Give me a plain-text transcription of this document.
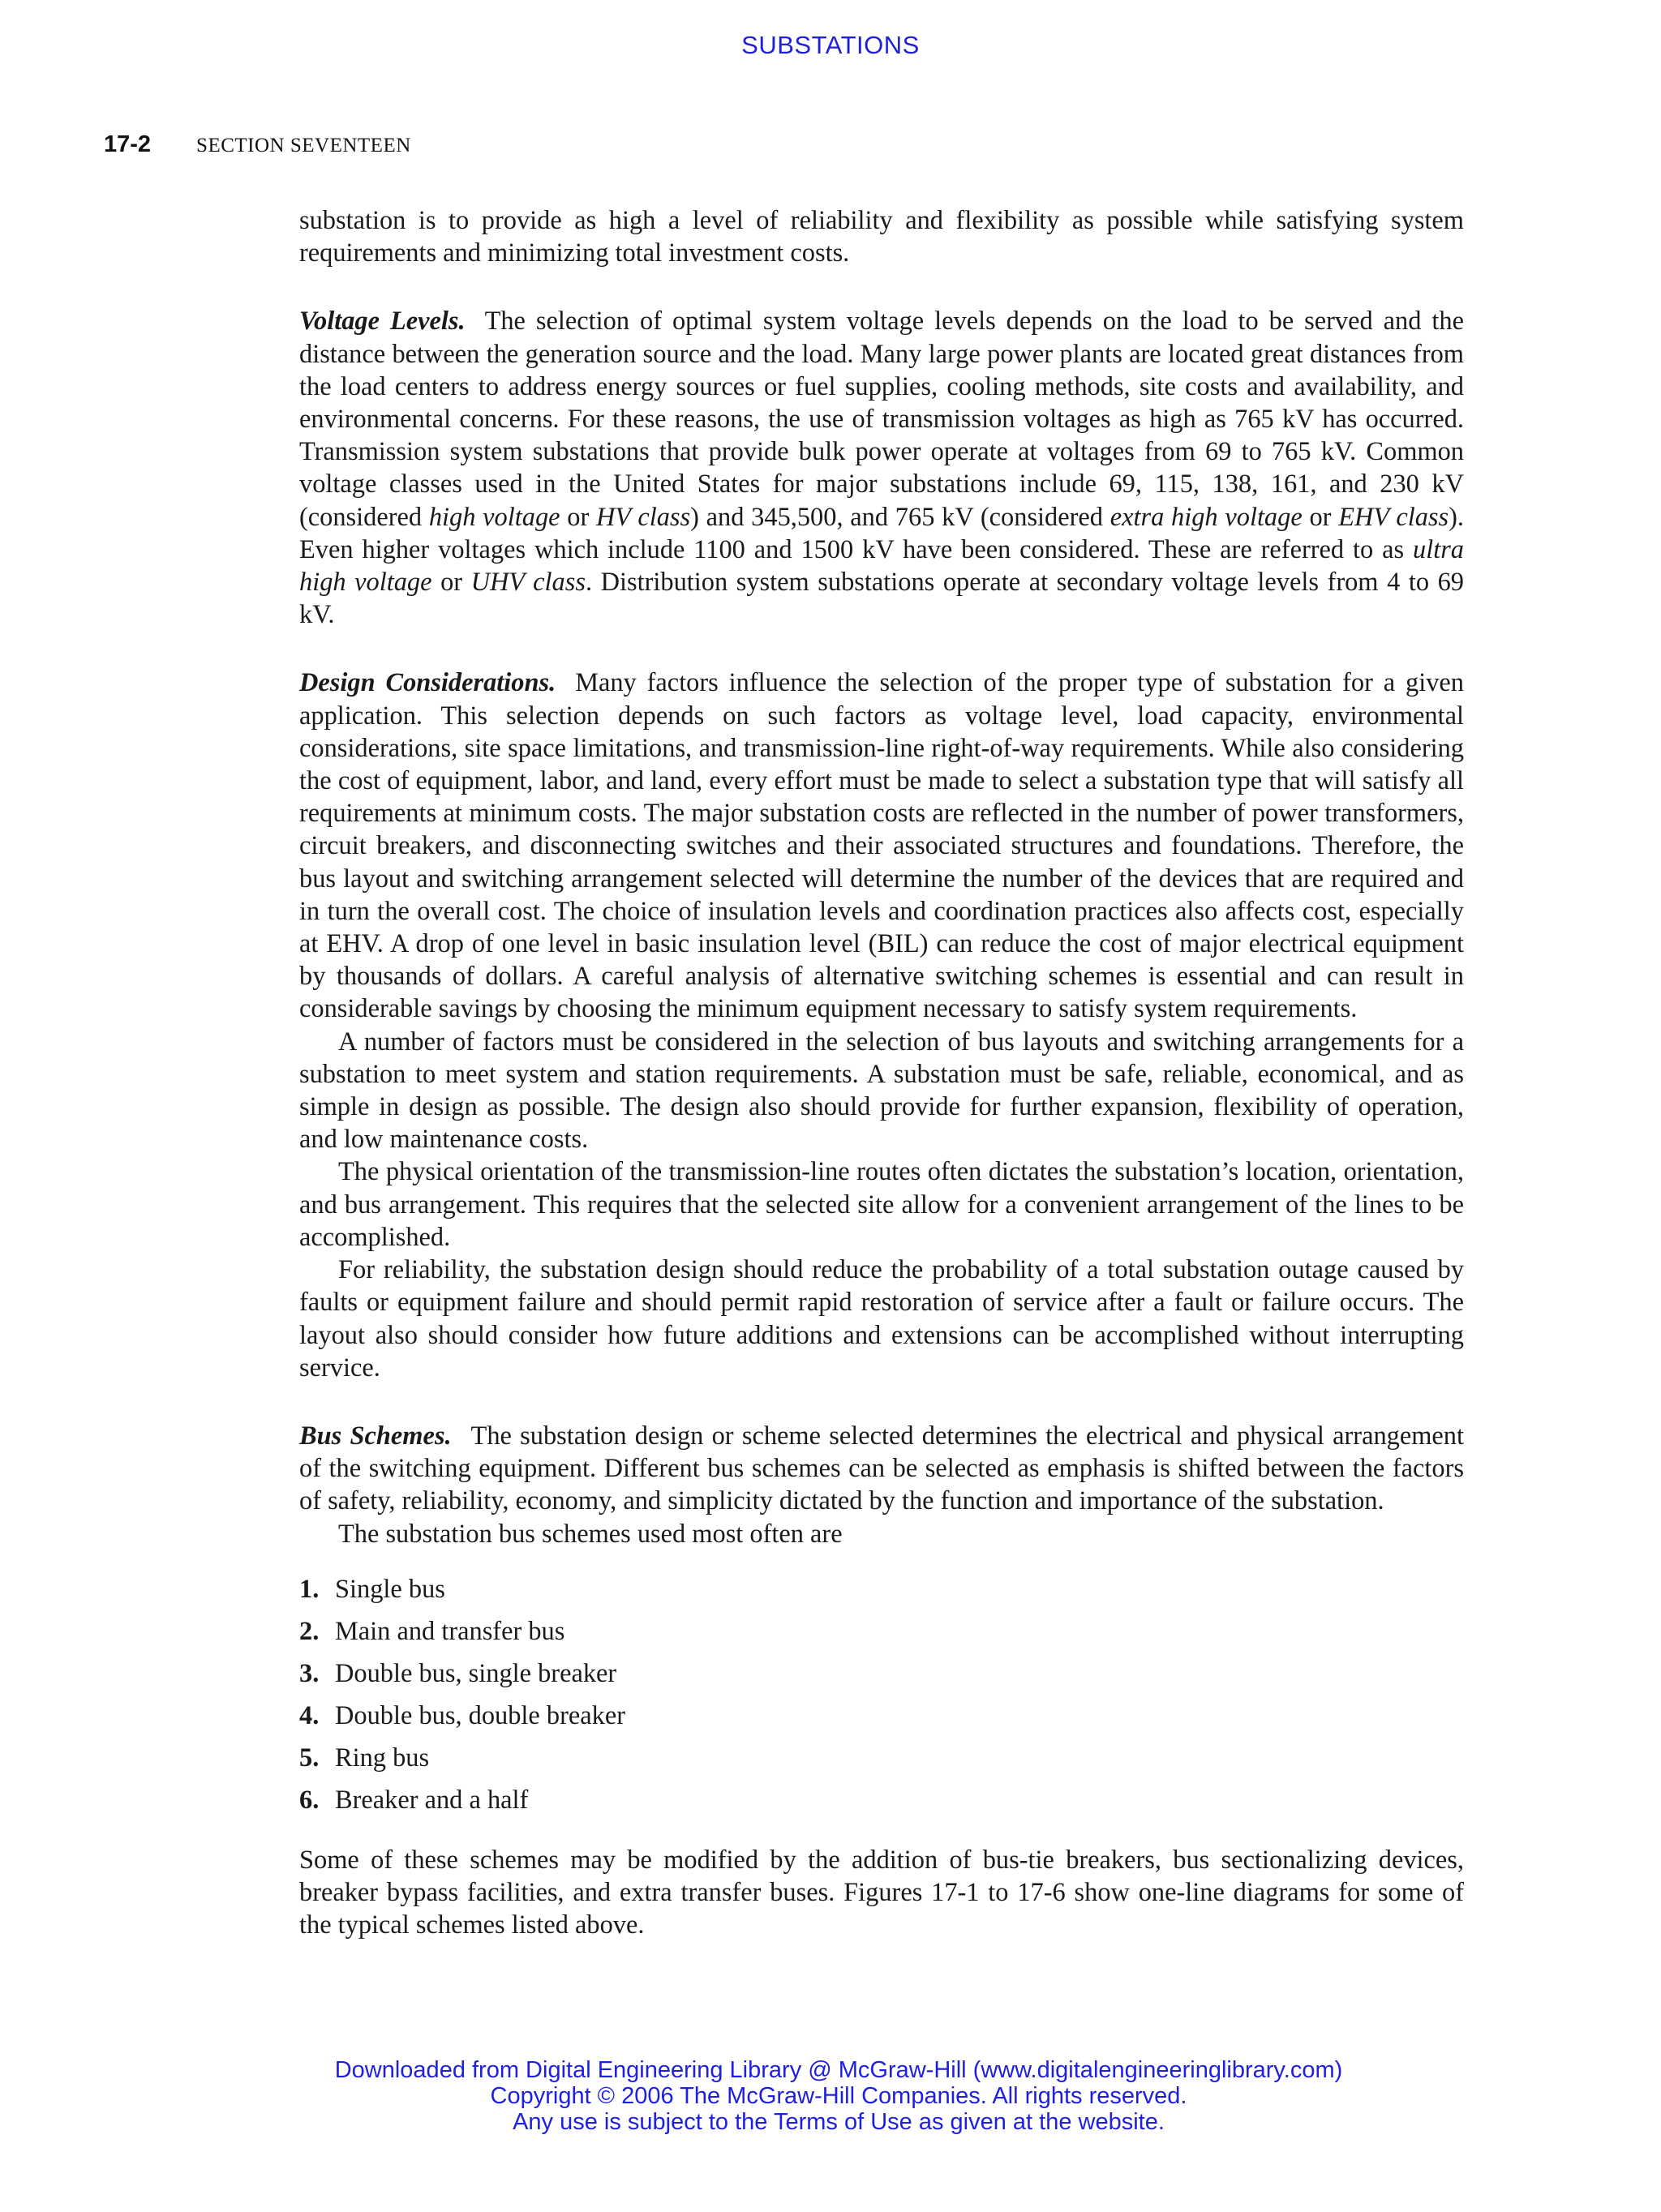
SUBSTATIONS
17-2 SECTION SEVENTEEN

substation is to provide as high a level of reliability and flexibility as possible while satisfying system requirements and minimizing total investment costs.

Voltage Levels. The selection of optimal system voltage levels depends on the load to be served and the distance between the generation source and the load. Many large power plants are located great distances from the load centers to address energy sources or fuel supplies, cooling methods, site costs and availability, and environmental concerns. For these reasons, the use of transmission voltages as high as 765 kV has occurred. Transmission system substations that provide bulk power operate at voltages from 69 to 765 kV. Common voltage classes used in the United States for major substations include 69, 115, 138, 161, and 230 kV (considered high voltage or HV class) and 345,500, and 765 kV (considered extra high voltage or EHV class). Even higher voltages which include 1100 and 1500 kV have been considered. These are referred to as ultra high voltage or UHV class. Distribution system substations operate at secondary voltage levels from 4 to 69 kV.

Design Considerations. Many factors influence the selection of the proper type of substation for a given application. This selection depends on such factors as voltage level, load capacity, environmental considerations, site space limitations, and transmission-line right-of-way requirements. While also considering the cost of equipment, labor, and land, every effort must be made to select a substation type that will satisfy all requirements at minimum costs. The major substation costs are reflected in the number of power transformers, circuit breakers, and disconnecting switches and their associated structures and foundations. Therefore, the bus layout and switching arrangement selected will determine the number of the devices that are required and in turn the overall cost. The choice of insulation levels and coordination practices also affects cost, especially at EHV. A drop of one level in basic insulation level (BIL) can reduce the cost of major electrical equipment by thousands of dollars. A careful analysis of alternative switching schemes is essential and can result in considerable savings by choosing the minimum equipment necessary to satisfy system requirements.

A number of factors must be considered in the selection of bus layouts and switching arrangements for a substation to meet system and station requirements. A substation must be safe, reliable, economical, and as simple in design as possible. The design also should provide for further expansion, flexibility of operation, and low maintenance costs.

The physical orientation of the transmission-line routes often dictates the substation’s location, orientation, and bus arrangement. This requires that the selected site allow for a convenient arrangement of the lines to be accomplished.

For reliability, the substation design should reduce the probability of a total substation outage caused by faults or equipment failure and should permit rapid restoration of service after a fault or failure occurs. The layout also should consider how future additions and extensions can be accomplished without interrupting service.

Bus Schemes. The substation design or scheme selected determines the electrical and physical arrangement of the switching equipment. Different bus schemes can be selected as emphasis is shifted between the factors of safety, reliability, economy, and simplicity dictated by the function and importance of the substation.

The substation bus schemes used most often are

1. Single bus
2. Main and transfer bus
3. Double bus, single breaker
4. Double bus, double breaker
5. Ring bus
6. Breaker and a half

Some of these schemes may be modified by the addition of bus-tie breakers, bus sectionalizing devices, breaker bypass facilities, and extra transfer buses. Figures 17-1 to 17-6 show one-line diagrams for some of the typical schemes listed above.

Downloaded from Digital Engineering Library @ McGraw-Hill (www.digitalengineeringlibrary.com)
Copyright © 2006 The McGraw-Hill Companies. All rights reserved.
Any use is subject to the Terms of Use as given at the website.
